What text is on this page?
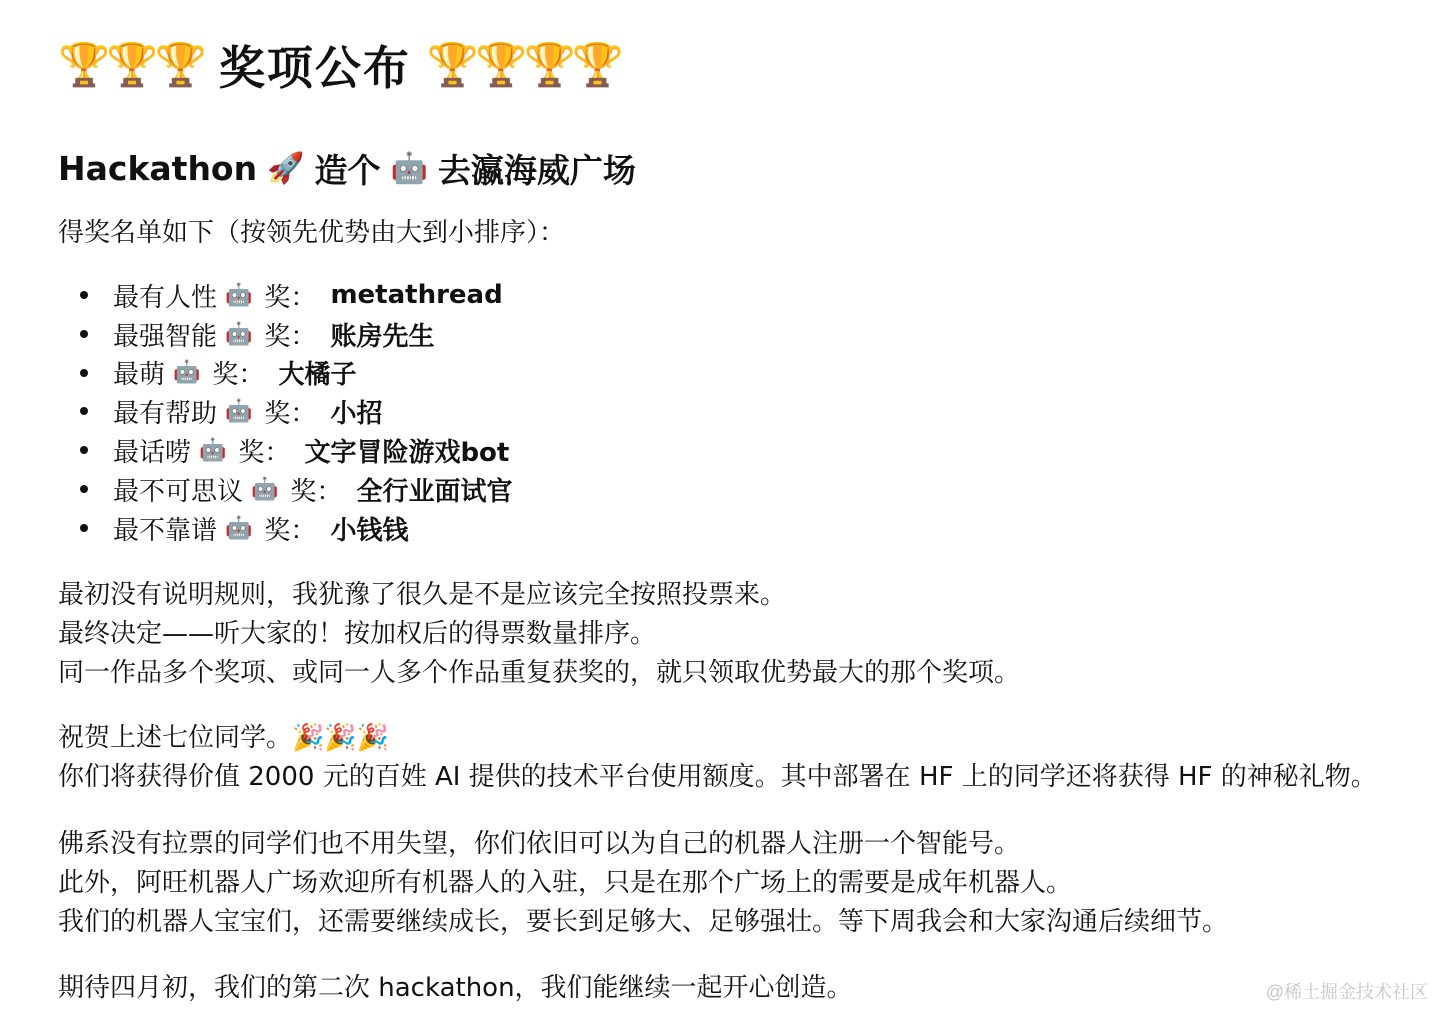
🏆🏆🏆 奖项公布 🏆🏆🏆🏆
Hackathon 🚀 造个 🤖 去瀛海威广场
得奖名单如下（按领先优势由大到小排序）：
最有人性 🤖 奖： metathread
最强智能 🤖 奖： 账房先生
最萌 🤖 奖： 大橘子
最有帮助 🤖 奖： 小招
最话唠 🤖 奖： 文字冒险游戏bot
最不可思议 🤖 奖： 全行业面试官
最不靠谱 🤖 奖： 小钱钱
最初没有说明规则，我犹豫了很久是不是应该完全按照投票来。
最终决定——听大家的！按加权后的得票数量排序。
同一作品多个奖项、或同一人多个作品重复获奖的，就只领取优势最大的那个奖项。
祝贺上述七位同学。🎉🎉🎉
你们将获得价值 2000 元的百姓 AI 提供的技术平台使用额度。其中部署在 HF 上的同学还将获得 HF 的神秘礼物。
佛系没有拉票的同学们也不用失望，你们依旧可以为自己的机器人注册一个智能号。
此外，阿旺机器人广场欢迎所有机器人的入驻，只是在那个广场上的需要是成年机器人。
我们的机器人宝宝们，还需要继续成长，要长到足够大、足够强壮。等下周我会和大家沟通后续细节。
期待四月初，我们的第二次 hackathon，我们能继续一起开心创造。	@稀土掘金技术社区
